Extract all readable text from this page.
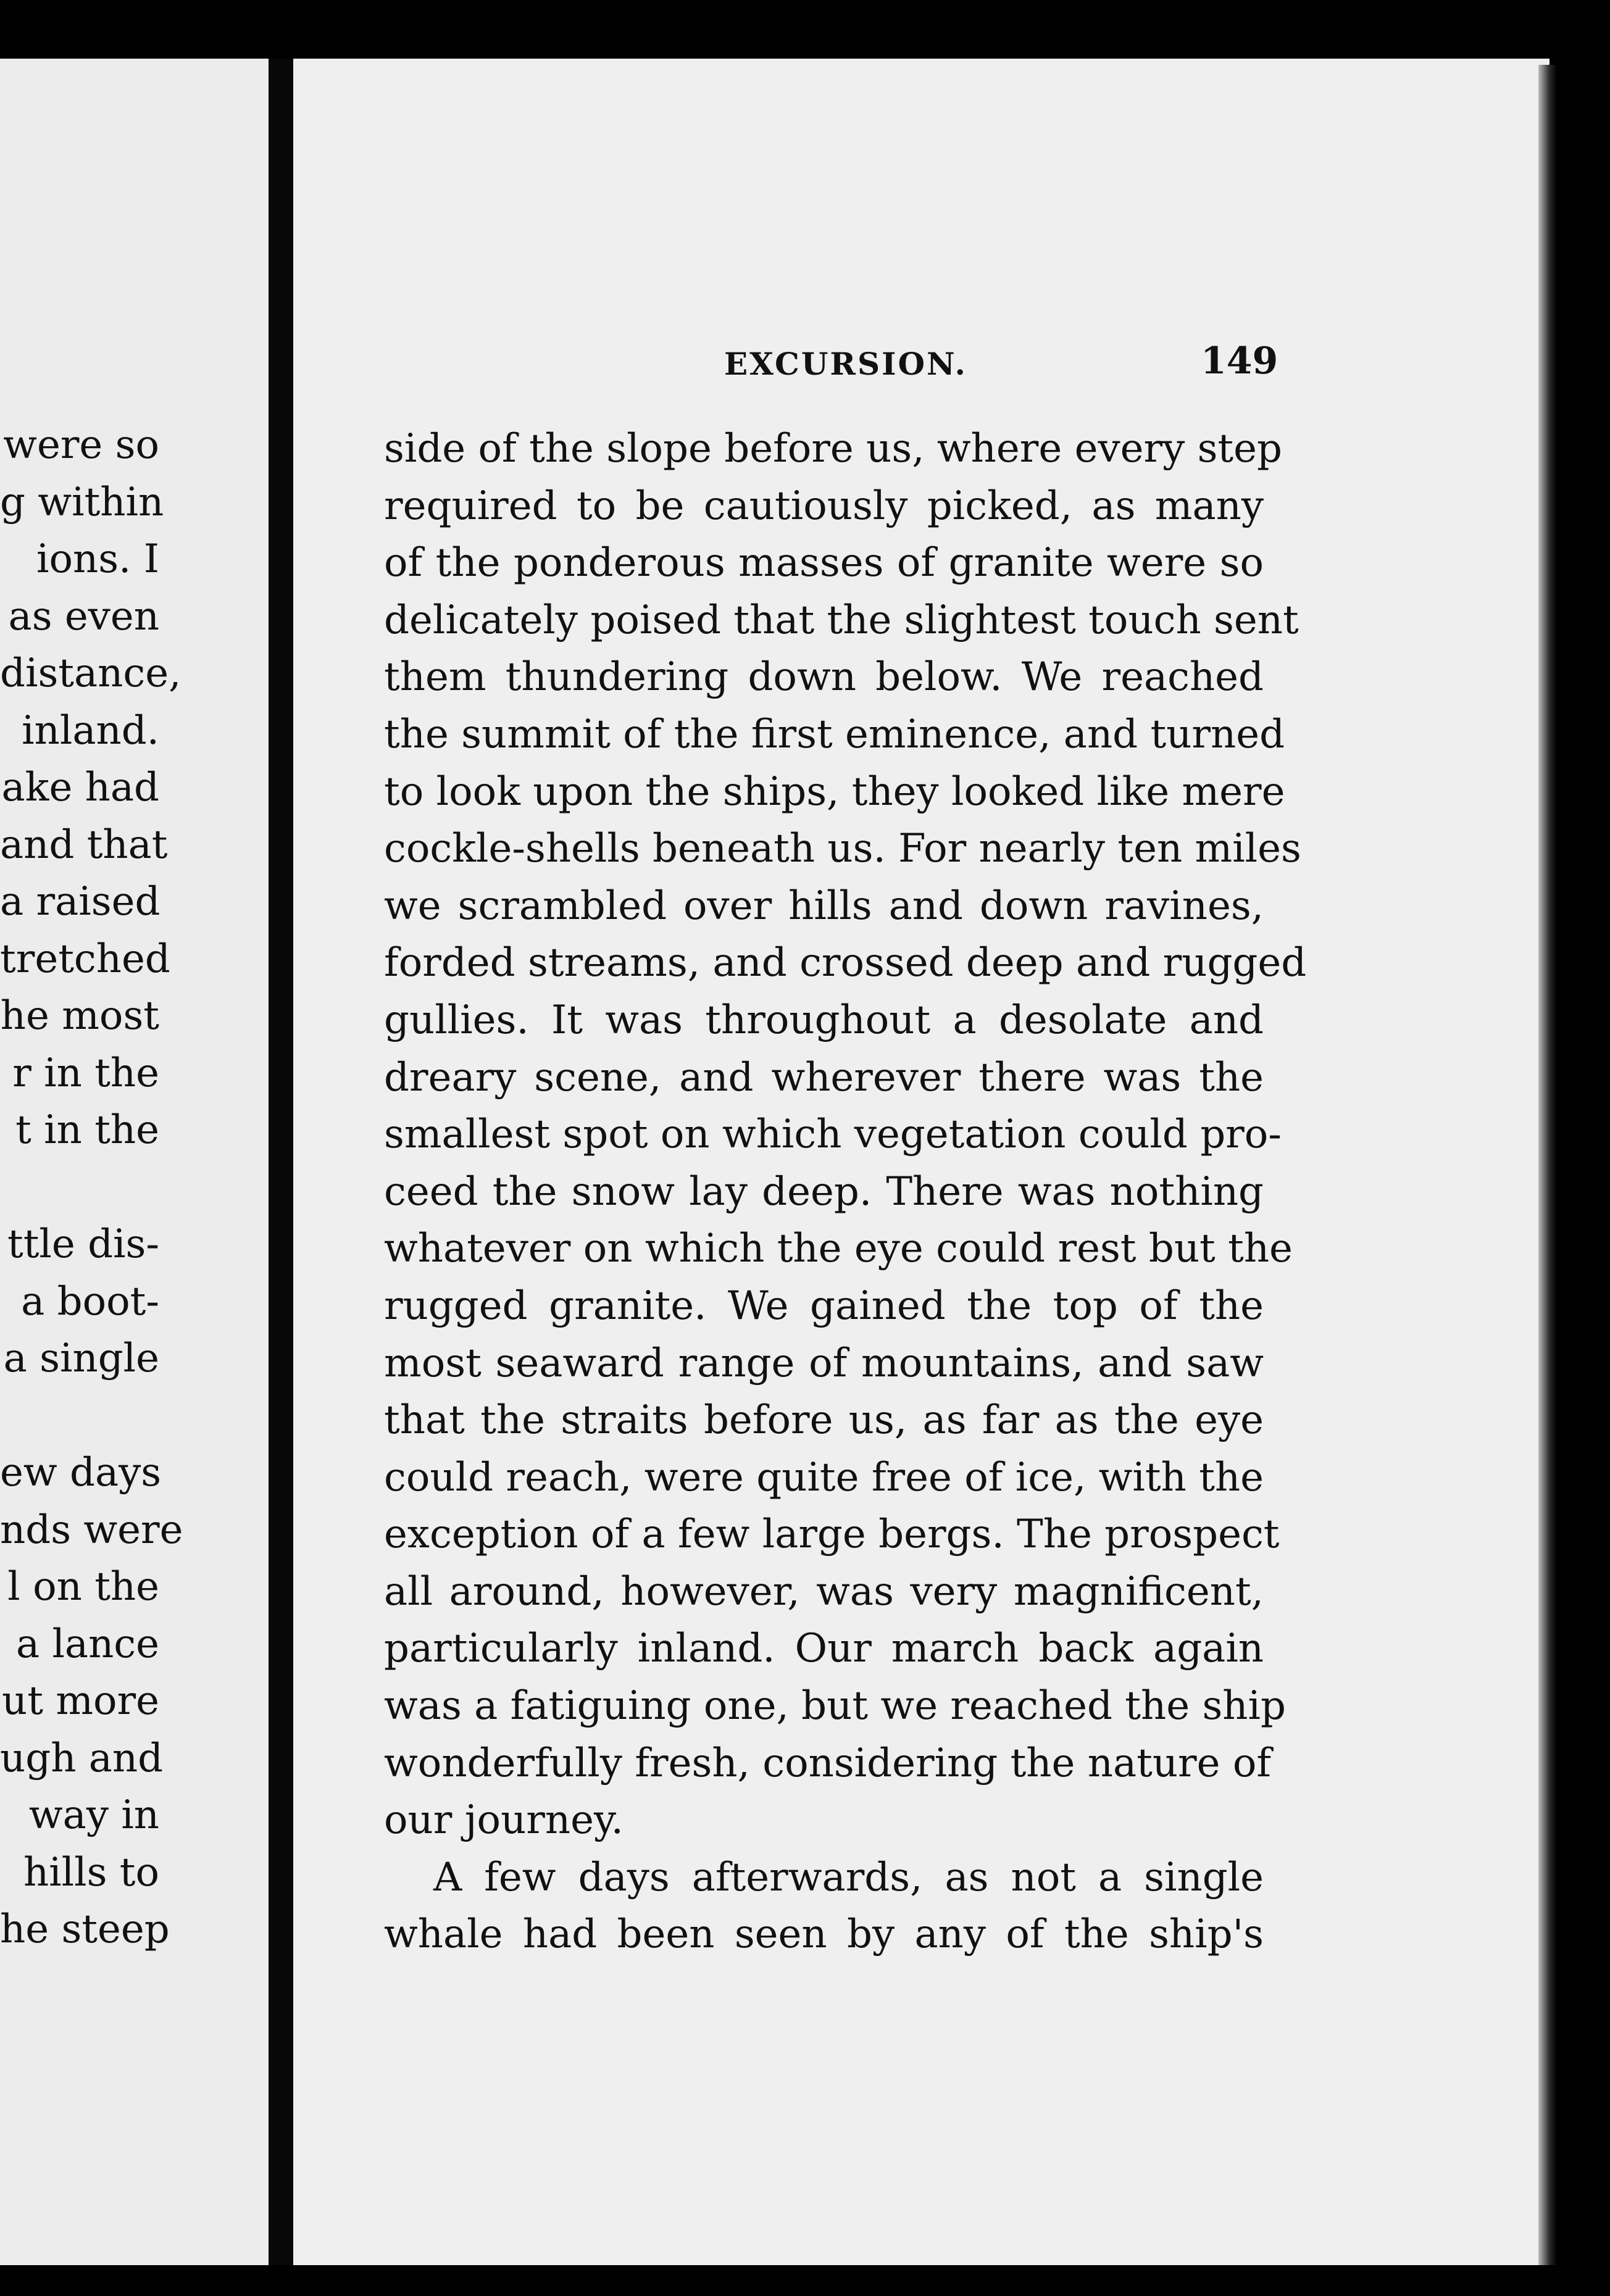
were so
g within
ions. I
as even
distance,
inland.
ake had
and that
a raised
tretched
he most
r in the
t in the
ttle dis-
a boot-
a single
ew days
nds were
l on the
a lance
ut more
ugh and
way in
hills to
he steep
EXCURSION.	149
side of the slope before us, where every step
required to be cautiously picked, as many
of the ponderous masses of granite were so
delicately poised that the slightest touch sent
them thundering down below. We reached
the summit of the first eminence, and turned
to look upon the ships, they looked like mere
cockle-shells beneath us. For nearly ten miles
we scrambled over hills and down ravines,
forded streams, and crossed deep and rugged
gullies. It was throughout a desolate and
dreary scene, and wherever there was the
smallest spot on which vegetation could pro-
ceed the snow lay deep. There was nothing
whatever on which the eye could rest but the
rugged granite. We gained the top of the
most seaward range of mountains, and saw
that the straits before us, as far as the eye
could reach, were quite free of ice, with the
exception of a few large bergs. The prospect
all around, however, was very magnificent,
particularly inland. Our march back again
was a fatiguing one, but we reached the ship
wonderfully fresh, considering the nature of
our journey.
A few days afterwards, as not a single
whale had been seen by any of the ship's
